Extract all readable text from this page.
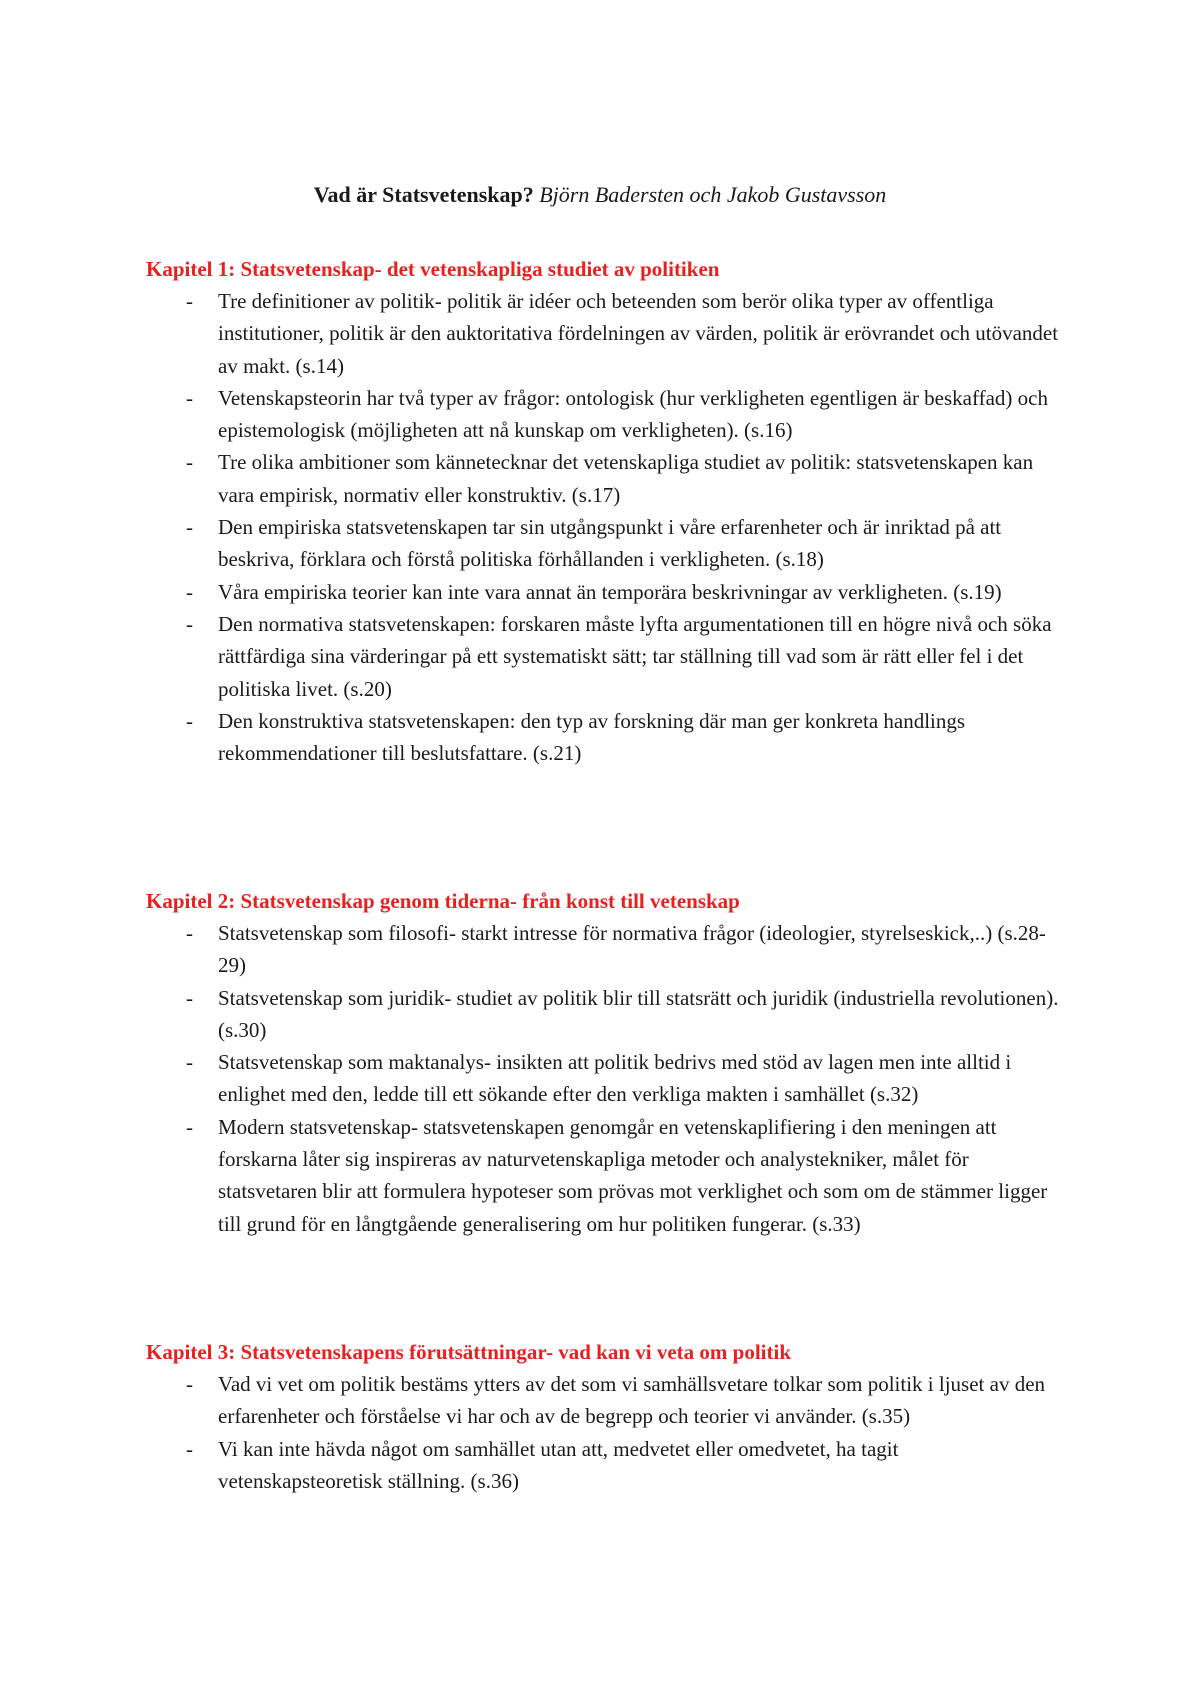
Vad är Statsvetenskap? Björn Badersten och Jakob Gustavsson
Kapitel 1: Statsvetenskap- det vetenskapliga studiet av politiken
- Tre definitioner av politik- politik är idéer och beteenden som berör olika typer av offentliga institutioner, politik är den auktoritativa fördelningen av värden, politik är erövrandet och utövandet av makt. (s.14)
- Vetenskapsteorin har två typer av frågor: ontologisk (hur verkligheten egentligen är beskaffad) och epistemologisk (möjligheten att nå kunskap om verkligheten). (s.16)
- Tre olika ambitioner som kännetecknar det vetenskapliga studiet av politik: statsvetenskapen kan vara empirisk, normativ eller konstruktiv. (s.17)
- Den empiriska statsvetenskapen tar sin utgångspunkt i våre erfarenheter och är inriktad på att beskriva, förklara och förstå politiska förhållanden i verkligheten. (s.18)
- Våra empiriska teorier kan inte vara annat än temporära beskrivningar av verkligheten. (s.19)
- Den normativa statsvetenskapen: forskaren måste lyfta argumentationen till en högre nivå och söka rättfärdiga sina värderingar på ett systematiskt sätt; tar ställning till vad som är rätt eller fel i det politiska livet. (s.20)
- Den konstruktiva statsvetenskapen: den typ av forskning där man ger konkreta handlings rekommendationer till beslutsfattare. (s.21)
Kapitel 2: Statsvetenskap genom tiderna- från konst till vetenskap
- Statsvetenskap som filosofi- starkt intresse för normativa frågor (ideologier, styrelseskick,..) (s.28-29)
- Statsvetenskap som juridik- studiet av politik blir till statsrätt och juridik (industriella revolutionen). (s.30)
- Statsvetenskap som maktanalys- insikten att politik bedrivs med stöd av lagen men inte alltid i enlighet med den, ledde till ett sökande efter den verkliga makten i samhället (s.32)
- Modern statsvetenskap- statsvetenskapen genomgår en vetenskaplifiering i den meningen att forskarna låter sig inspireras av naturvetenskapliga metoder och analystekniker, målet för statsvetaren blir att formulera hypoteser som prövas mot verklighet och som om de stämmer ligger till grund för en långtgående generalisering om hur politiken fungerar. (s.33)
Kapitel 3: Statsvetenskapens förutsättningar- vad kan vi veta om politik
- Vad vi vet om politik bestäms ytters av det som vi samhällsvetare tolkar som politik i ljuset av den erfarenheter och förståelse vi har och av de begrepp och teorier vi använder. (s.35)
- Vi kan inte hävda något om samhället utan att, medvetet eller omedvetet, ha tagit vetenskapsteoretisk ställning. (s.36)
